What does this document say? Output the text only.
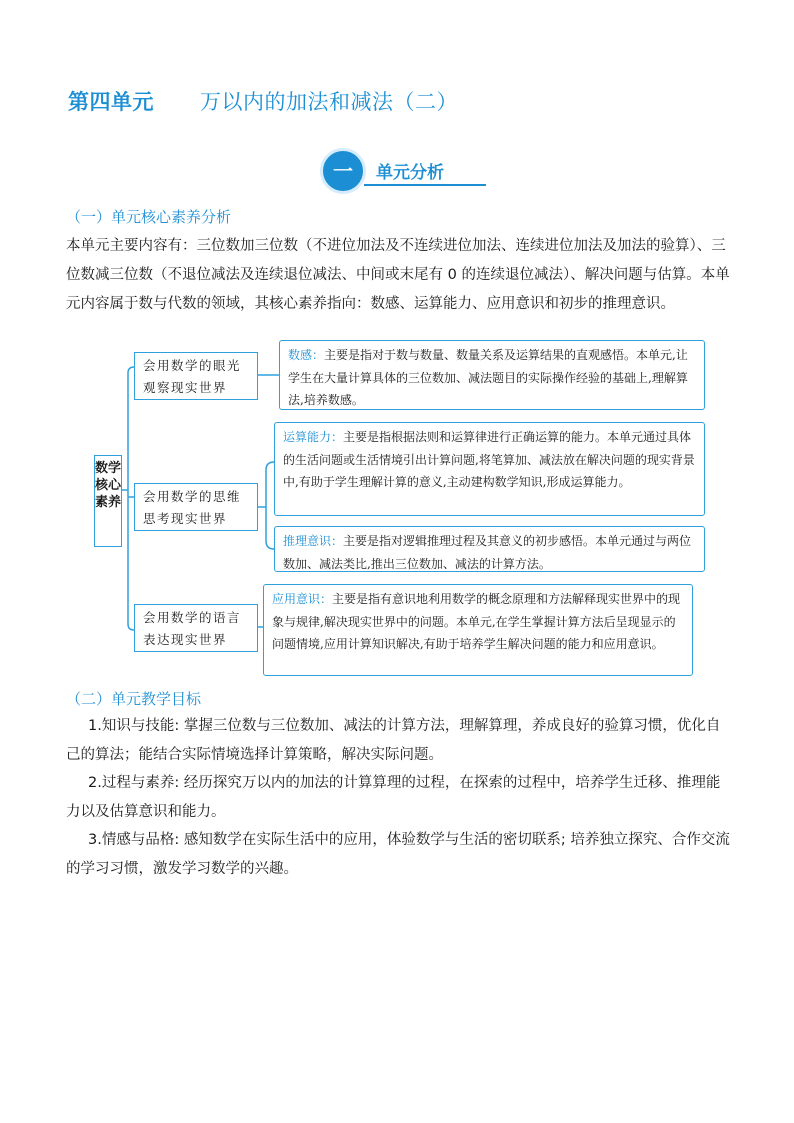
第四单元 万以内的加法和减法（二）
一	单元分析
（一）单元核心素养分析
本单元主要内容有：三位数加三位数（不进位加法及不连续进位加法、连续进位加法及加法的验算）、三位数减三位数（不退位减法及连续退位减法、中间或末尾有 0 的连续退位减法）、解决问题与估算。本单元内容属于数与代数的领域，其核心素养指向：数感、运算能力、应用意识和初步的推理意识。
数学核心素养
会用数学的眼光观察现实世界
会用数学的思维思考现实世界
会用数学的语言表达现实世界
数感：主要是指对于数与数量、数量关系及运算结果的直观感悟。本单元,让学生在大量计算具体的三位数加、减法题目的实际操作经验的基础上,理解算法,培养数感。
运算能力：主要是指根据法则和运算律进行正确运算的能力。本单元通过具体的生活问题或生活情境引出计算问题,将笔算加、减法放在解决问题的现实背景中,有助于学生理解计算的意义,主动建构数学知识,形成运算能力。
推理意识：主要是指对逻辑推理过程及其意义的初步感悟。本单元通过与两位数加、减法类比,推出三位数加、减法的计算方法。
应用意识：主要是指有意识地利用数学的概念原理和方法解释现实世界中的现象与规律,解决现实世界中的问题。本单元,在学生掌握计算方法后呈现显示的问题情境,应用计算知识解决,有助于培养学生解决问题的能力和应用意识。
（二）单元教学目标
1.知识与技能: 掌握三位数与三位数加、减法的计算方法，理解算理，养成良好的验算习惯，优化自己的算法；能结合实际情境选择计算策略，解决实际问题。
2.过程与素养: 经历探究万以内的加法的计算算理的过程，在探索的过程中，培养学生迁移、推理能力以及估算意识和能力。
3.情感与品格: 感知数学在实际生活中的应用，体验数学与生活的密切联系; 培养独立探究、合作交流的学习习惯，激发学习数学的兴趣。
